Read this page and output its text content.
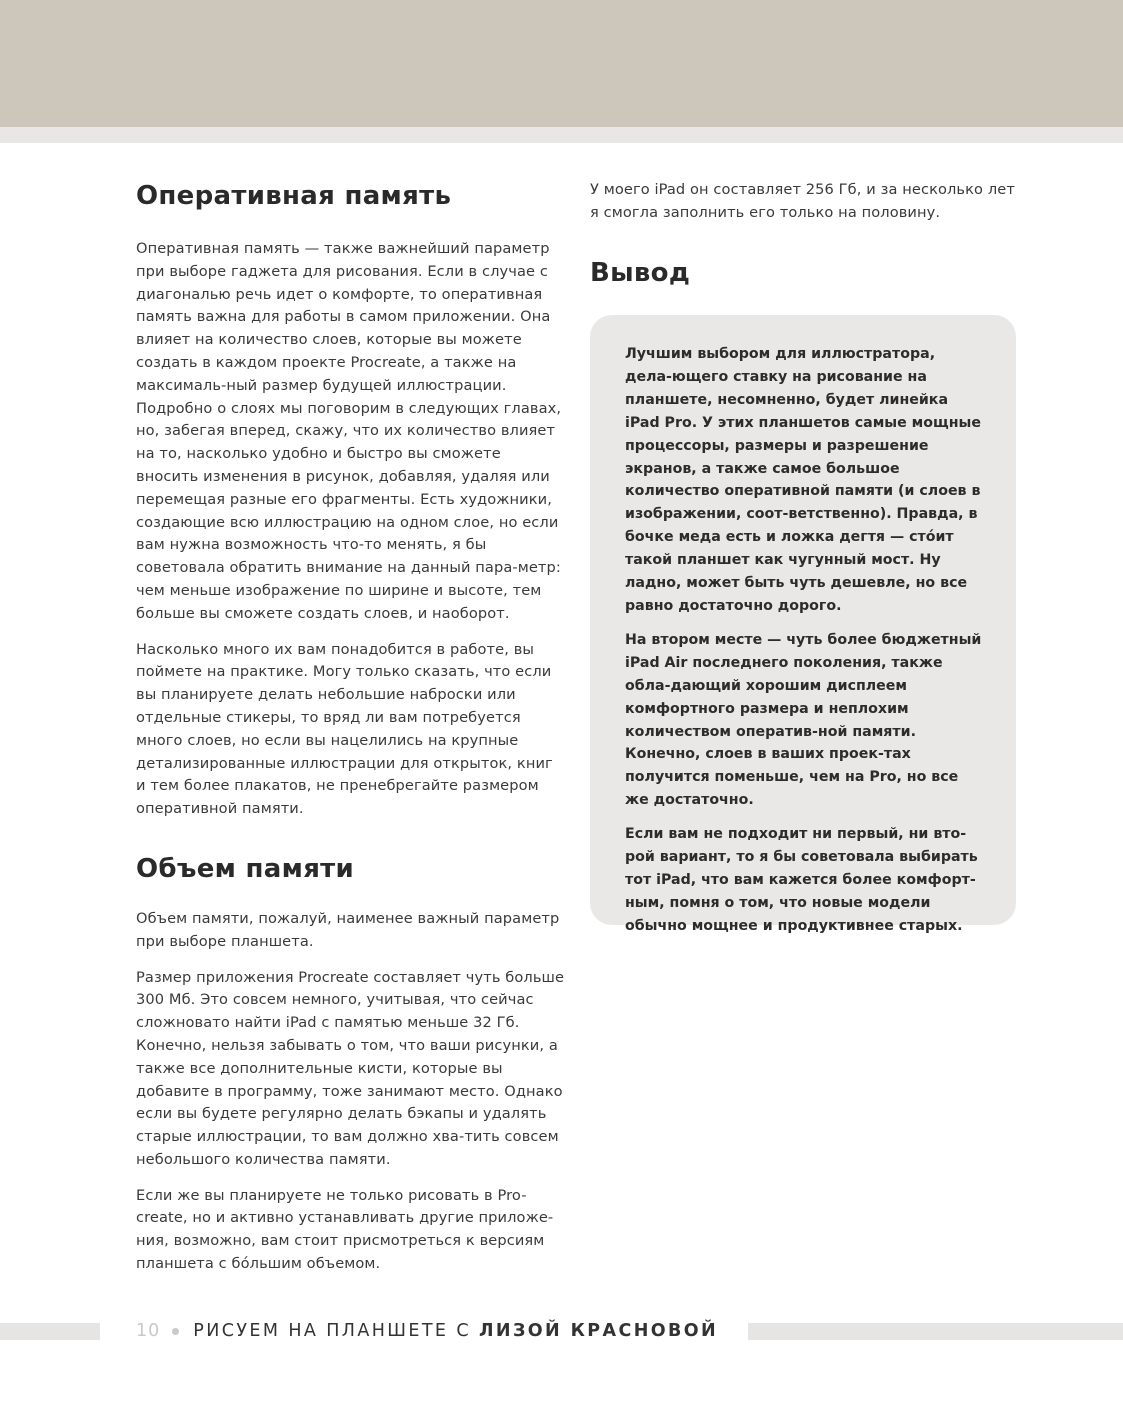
Оперативная память

Оперативная память — также важнейший параметр при выборе гаджета для рисования. Если в случае с диагональю речь идет о комфорте, то оперативная память важна для работы в самом приложении. Она влияет на количество слоев, которые вы можете создать в каждом проекте Procreate, а также на максималь-ный размер будущей иллюстрации. Подробно о слоях мы поговорим в следующих главах, но, забегая вперед, скажу, что их количество влияет на то, насколько удобно и быстро вы сможете вносить изменения в рисунок, добавляя, удаляя или перемещая разные его фрагменты. Есть художники, создающие всю иллюстрацию на одном слое, но если вам нужна возможность что-то менять, я бы советовала обратить внимание на данный пара-метр: чем меньше изображение по ширине и высоте, тем больше вы сможете создать слоев, и наоборот.

Насколько много их вам понадобится в работе, вы поймете на практике. Могу только сказать, что если вы планируете делать небольшие наброски или отдельные стикеры, то вряд ли вам потребуется много слоев, но если вы нацелились на крупные детализированные иллюстрации для открыток, книг и тем более плакатов, не пренебрегайте размером оперативной памяти.

Объем памяти

Объем памяти, пожалуй, наименее важный параметр при выборе планшета.

Размер приложения Procreate составляет чуть больше 300 Мб. Это совсем немного, учитывая, что сейчас сложновато найти iPad с памятью меньше 32 Гб. Конечно, нельзя забывать о том, что ваши рисунки, а также все дополнительные кисти, которые вы добавите в программу, тоже занимают место. Однако если вы будете регулярно делать бэкапы и удалять старые иллюстрации, то вам должно хва-тить совсем небольшого количества памяти.

Если же вы планируете не только рисовать в Pro-create, но и активно устанавливать другие приложе-ния, возможно, вам стоит присмотреться к версиям планшета с бо́льшим объемом.

У моего iPad он составляет 256 Гб, и за несколько лет я смогла заполнить его только на половину.

Вывод

Лучшим выбором для иллюстратора, дела-ющего ставку на рисование на планшете, несомненно, будет линейка iPad Pro. У этих планшетов самые мощные процессоры, размеры и разрешение экранов, а также самое большое количество оперативной памяти (и слоев в изображении, соот-ветственно). Правда, в бочке меда есть и ложка дегтя — сто́ит такой планшет как чугунный мост. Ну ладно, может быть чуть дешевле, но все равно достаточно дорого.

На втором месте — чуть более бюджетный iPad Air последнего поколения, также обла-дающий хорошим дисплеем комфортного размера и неплохим количеством оператив-ной памяти. Конечно, слоев в ваших проек-тах получится поменьше, чем на Pro, но все же достаточно.

Если вам не подходит ни первый, ни вто-рой вариант, то я бы советовала выбирать тот iPad, что вам кажется более комфорт-ным, помня о том, что новые модели обычно мощнее и продуктивнее старых.

10 РИСУЕМ НА ПЛАНШЕТЕ С ЛИЗОЙ КРАСНОВОЙ
